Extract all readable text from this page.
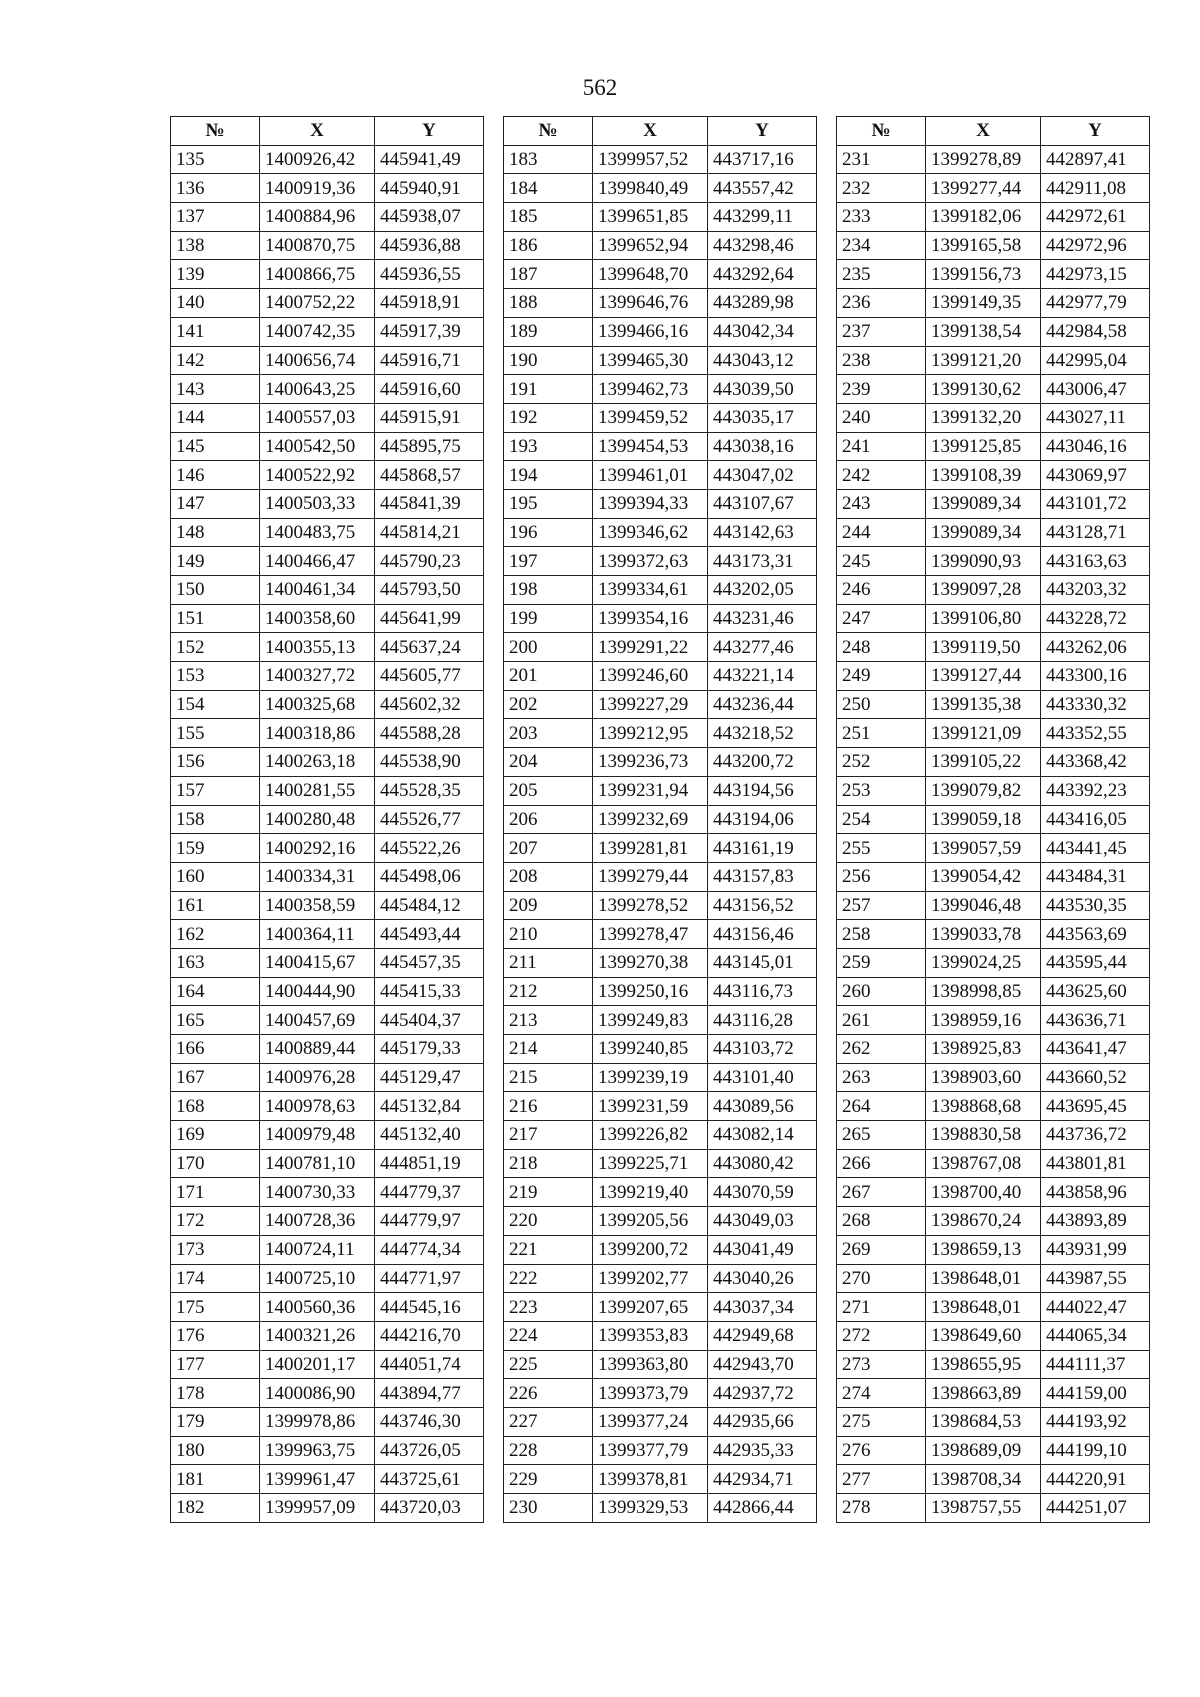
562
№	X	Y
135	1400926,42	445941,49
136	1400919,36	445940,91
137	1400884,96	445938,07
138	1400870,75	445936,88
139	1400866,75	445936,55
140	1400752,22	445918,91
141	1400742,35	445917,39
142	1400656,74	445916,71
143	1400643,25	445916,60
144	1400557,03	445915,91
145	1400542,50	445895,75
146	1400522,92	445868,57
147	1400503,33	445841,39
148	1400483,75	445814,21
149	1400466,47	445790,23
150	1400461,34	445793,50
151	1400358,60	445641,99
152	1400355,13	445637,24
153	1400327,72	445605,77
154	1400325,68	445602,32
155	1400318,86	445588,28
156	1400263,18	445538,90
157	1400281,55	445528,35
158	1400280,48	445526,77
159	1400292,16	445522,26
160	1400334,31	445498,06
161	1400358,59	445484,12
162	1400364,11	445493,44
163	1400415,67	445457,35
164	1400444,90	445415,33
165	1400457,69	445404,37
166	1400889,44	445179,33
167	1400976,28	445129,47
168	1400978,63	445132,84
169	1400979,48	445132,40
170	1400781,10	444851,19
171	1400730,33	444779,37
172	1400728,36	444779,97
173	1400724,11	444774,34
174	1400725,10	444771,97
175	1400560,36	444545,16
176	1400321,26	444216,70
177	1400201,17	444051,74
178	1400086,90	443894,77
179	1399978,86	443746,30
180	1399963,75	443726,05
181	1399961,47	443725,61
182	1399957,09	443720,03
№	X	Y
183	1399957,52	443717,16
184	1399840,49	443557,42
185	1399651,85	443299,11
186	1399652,94	443298,46
187	1399648,70	443292,64
188	1399646,76	443289,98
189	1399466,16	443042,34
190	1399465,30	443043,12
191	1399462,73	443039,50
192	1399459,52	443035,17
193	1399454,53	443038,16
194	1399461,01	443047,02
195	1399394,33	443107,67
196	1399346,62	443142,63
197	1399372,63	443173,31
198	1399334,61	443202,05
199	1399354,16	443231,46
200	1399291,22	443277,46
201	1399246,60	443221,14
202	1399227,29	443236,44
203	1399212,95	443218,52
204	1399236,73	443200,72
205	1399231,94	443194,56
206	1399232,69	443194,06
207	1399281,81	443161,19
208	1399279,44	443157,83
209	1399278,52	443156,52
210	1399278,47	443156,46
211	1399270,38	443145,01
212	1399250,16	443116,73
213	1399249,83	443116,28
214	1399240,85	443103,72
215	1399239,19	443101,40
216	1399231,59	443089,56
217	1399226,82	443082,14
218	1399225,71	443080,42
219	1399219,40	443070,59
220	1399205,56	443049,03
221	1399200,72	443041,49
222	1399202,77	443040,26
223	1399207,65	443037,34
224	1399353,83	442949,68
225	1399363,80	442943,70
226	1399373,79	442937,72
227	1399377,24	442935,66
228	1399377,79	442935,33
229	1399378,81	442934,71
230	1399329,53	442866,44
№	X	Y
231	1399278,89	442897,41
232	1399277,44	442911,08
233	1399182,06	442972,61
234	1399165,58	442972,96
235	1399156,73	442973,15
236	1399149,35	442977,79
237	1399138,54	442984,58
238	1399121,20	442995,04
239	1399130,62	443006,47
240	1399132,20	443027,11
241	1399125,85	443046,16
242	1399108,39	443069,97
243	1399089,34	443101,72
244	1399089,34	443128,71
245	1399090,93	443163,63
246	1399097,28	443203,32
247	1399106,80	443228,72
248	1399119,50	443262,06
249	1399127,44	443300,16
250	1399135,38	443330,32
251	1399121,09	443352,55
252	1399105,22	443368,42
253	1399079,82	443392,23
254	1399059,18	443416,05
255	1399057,59	443441,45
256	1399054,42	443484,31
257	1399046,48	443530,35
258	1399033,78	443563,69
259	1399024,25	443595,44
260	1398998,85	443625,60
261	1398959,16	443636,71
262	1398925,83	443641,47
263	1398903,60	443660,52
264	1398868,68	443695,45
265	1398830,58	443736,72
266	1398767,08	443801,81
267	1398700,40	443858,96
268	1398670,24	443893,89
269	1398659,13	443931,99
270	1398648,01	443987,55
271	1398648,01	444022,47
272	1398649,60	444065,34
273	1398655,95	444111,37
274	1398663,89	444159,00
275	1398684,53	444193,92
276	1398689,09	444199,10
277	1398708,34	444220,91
278	1398757,55	444251,07
